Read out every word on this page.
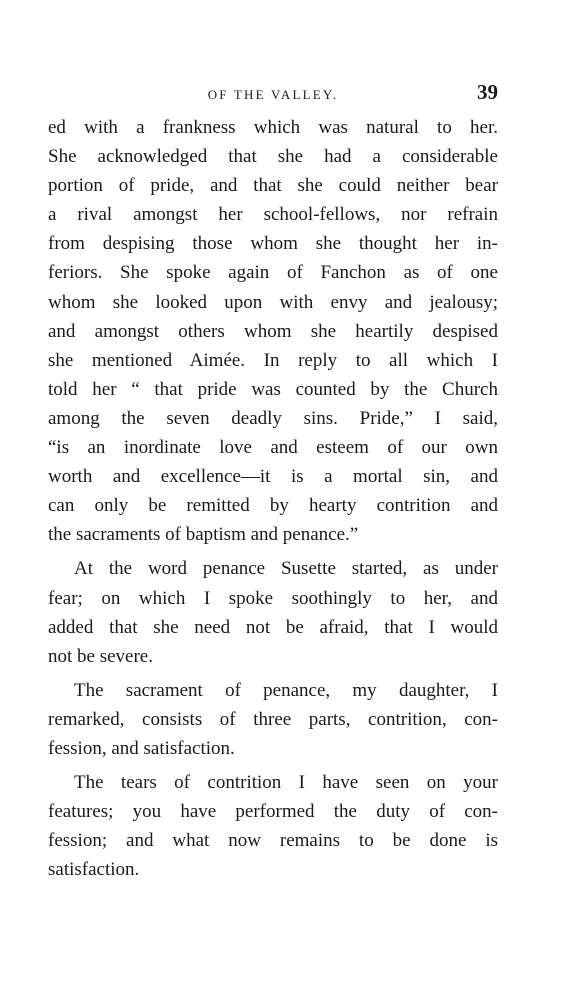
OF THE VALLEY.	39
ed with a frankness which was natural to her.
She acknowledged that she had a considerable
portion of pride, and that she could neither bear
a rival amongst her school-fellows, nor refrain
from despising those whom she thought her in-
feriors. She spoke again of Fanchon as of one
whom she looked upon with envy and jealousy;
and amongst others whom she heartily despised
she mentioned Aimée. In reply to all which I
told her “ that pride was counted by the Church
among the seven deadly sins. Pride,” I said,
“is an inordinate love and esteem of our own
worth and excellence—it is a mortal sin, and
can only be remitted by hearty contrition and
the sacraments of baptism and penance.”
At the word penance Susette started, as under
fear; on which I spoke soothingly to her, and
added that she need not be afraid, that I would
not be severe.
The sacrament of penance, my daughter, I
remarked, consists of three parts, contrition, con-
fession, and satisfaction.
The tears of contrition I have seen on your
features; you have performed the duty of con-
fession; and what now remains to be done is
satisfaction.
